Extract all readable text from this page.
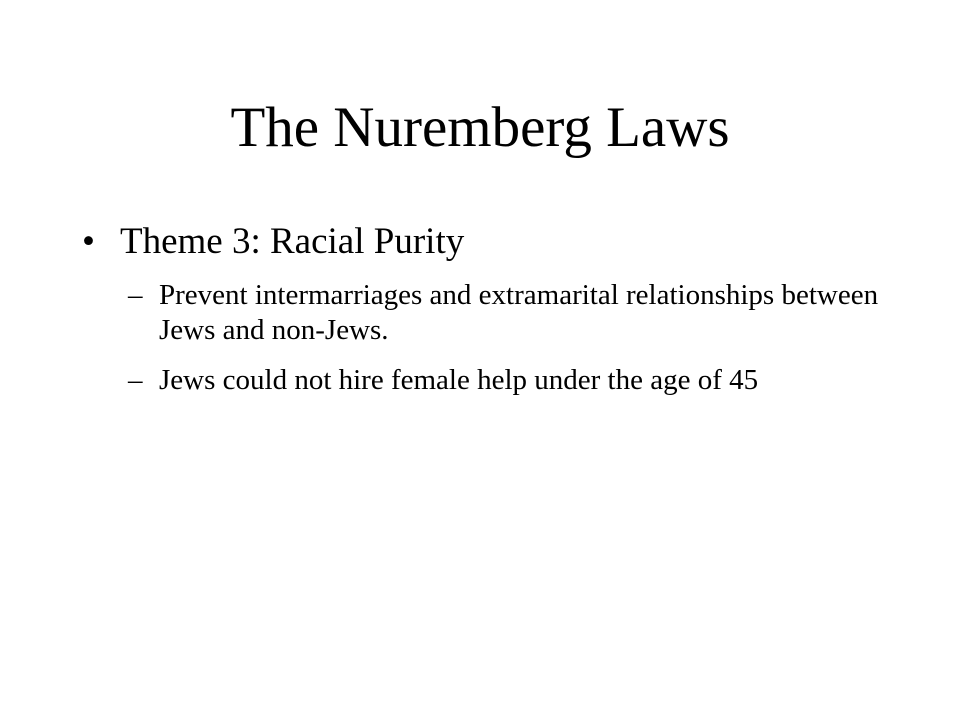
The Nuremberg Laws
• Theme 3: Racial Purity
– Prevent intermarriages and extramarital relationships between Jews and non-Jews.
– Jews could not hire female help under the age of 45
